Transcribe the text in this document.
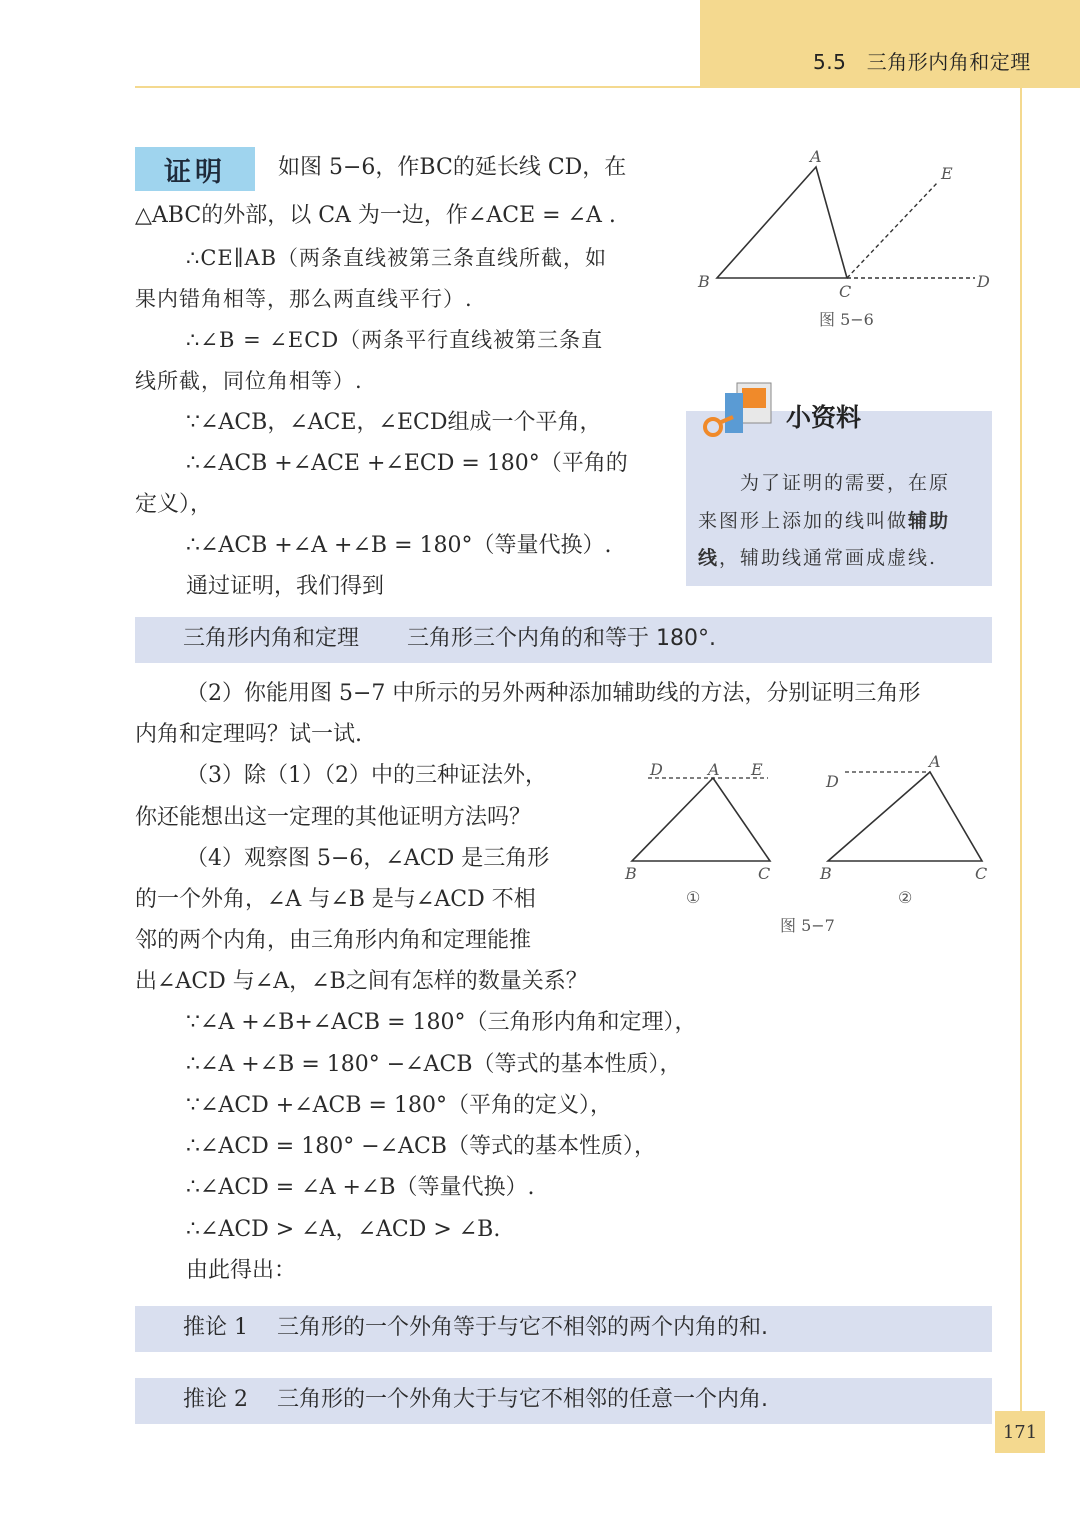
5.5　三角形内角和定理
证明	如图 5−6，作BC的延长线 CD，在
△ABC的外部，以 CA 为一边，作∠ACE = ∠A .
∴CE∥AB（两条直线被第三条直线所截，如
果内错角相等，那么两直线平行）.
∴∠B = ∠ECD（两条平行直线被第三条直
线所截，同位角相等）.
∵∠ACB，∠ACE，∠ECD组成一个平角，
∴∠ACB +∠ACE +∠ECD = 180°（平角的
定义），
∴∠ACB +∠A +∠B = 180°（等量代换）.
通过证明，我们得到
A
E
B
C
D
图 5−6
小资料
为了证明的需要，在原
来图形上添加的线叫做辅助
线，辅助线通常画成虚线.
三角形内角和定理 三角形三个内角的和等于 180°.
（2）你能用图 5−7 中所示的另外两种添加辅助线的方法，分别证明三角形
内角和定理吗？试一试.
（3）除（1）（2）中的三种证法外，
你还能想出这一定理的其他证明方法吗？
（4）观察图 5−6，∠ACD 是三角形
的一个外角，∠A 与∠B 是与∠ACD 不相
邻的两个内角，由三角形内角和定理能推
出∠ACD 与∠A，∠B之间有怎样的数量关系？
D	A E
B	C
①
D
A
B	C
②
图 5−7
∵∠A +∠B+∠ACB = 180°（三角形内角和定理），
∴∠A +∠B = 180° −∠ACB（等式的基本性质），
∵∠ACD +∠ACB = 180°（平角的定义），
∴∠ACD = 180° −∠ACB（等式的基本性质），
∴∠ACD = ∠A +∠B（等量代换）.
∴∠ACD > ∠A，∠ACD > ∠B.
由此得出：
推论 1 三角形的一个外角等于与它不相邻的两个内角的和.
推论 2 三角形的一个外角大于与它不相邻的任意一个内角.
171
